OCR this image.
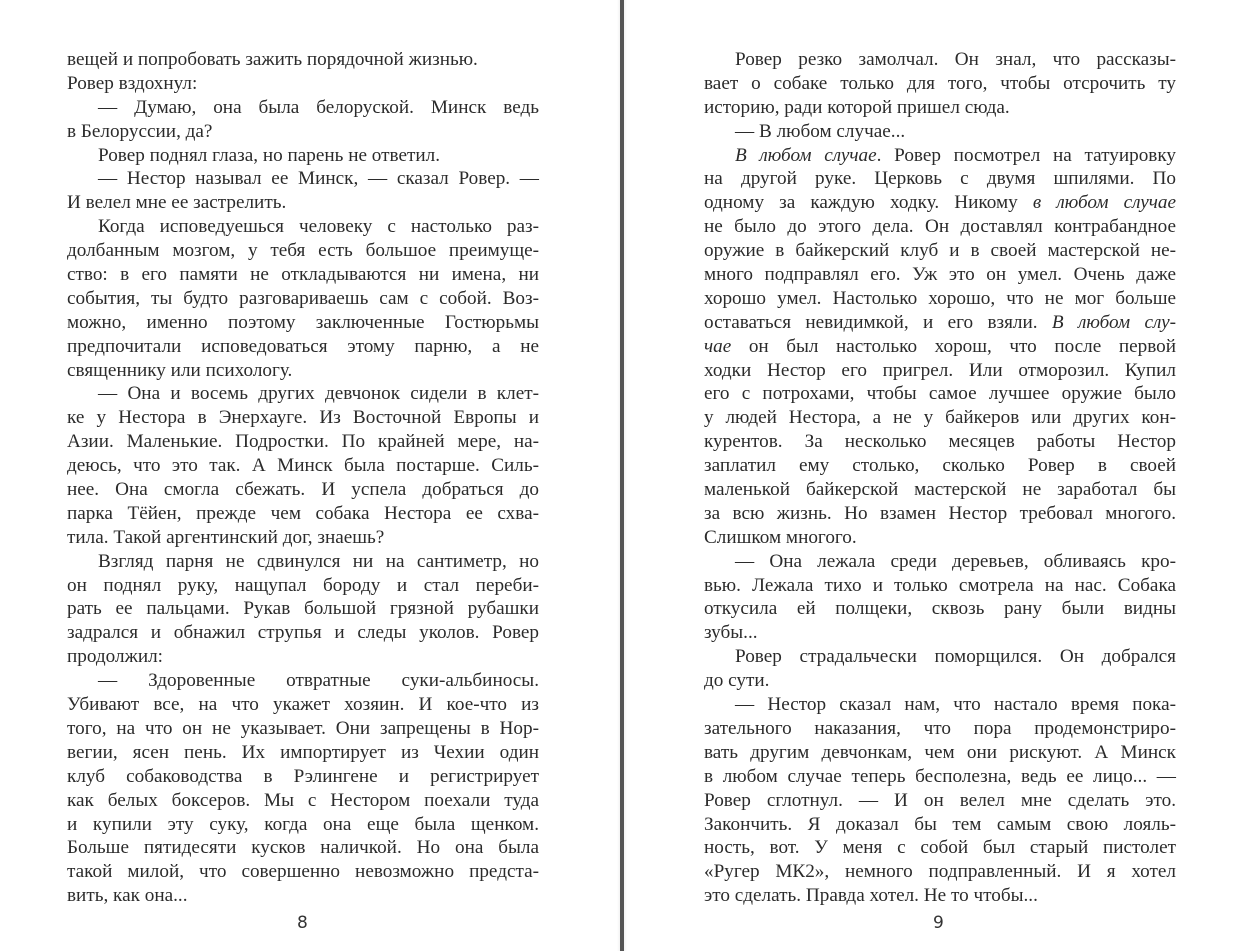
вещей и попробовать зажить порядочной жизнью.
Ровер вздохнул:
— Думаю, она была белоруской. Минск ведь
в Белоруссии, да?
Ровер поднял глаза, но парень не ответил.
— Нестор называл ее Минск, — сказал Ровер. —
И велел мне ее застрелить.
Когда исповедуешься человеку с настолько раз-
долбанным мозгом, у тебя есть большое преимуще-
ство: в его памяти не откладываются ни имена, ни
события, ты будто разговариваешь сам с собой. Воз-
можно, именно поэтому заключенные Гостюрьмы
предпочитали исповедоваться этому парню, а не
священнику или психологу.
— Она и восемь других девчонок сидели в клет-
ке у Нестора в Энерхауге. Из Восточной Европы и
Азии. Маленькие. Подростки. По крайней мере, на-
деюсь, что это так. А Минск была постарше. Силь-
нее. Она смогла сбежать. И успела добраться до
парка Тёйен, прежде чем собака Нестора ее схва-
тила. Такой аргентинский дог, знаешь?
Взгляд парня не сдвинулся ни на сантиметр, но
он поднял руку, нащупал бороду и стал переби-
рать ее пальцами. Рукав большой грязной рубашки
задрался и обнажил струпья и следы уколов. Ровер
продолжил:
— Здоровенные отвратные суки-альбиносы.
Убивают все, на что укажет хозяин. И кое-что из
того, на что он не указывает. Они запрещены в Нор-
вегии, ясен пень. Их импортирует из Чехии один
клуб собаководства в Рэлингене и регистрирует
как белых боксеров. Мы с Нестором поехали туда
и купили эту суку, когда она еще была щенком.
Больше пятидесяти кусков наличкой. Но она была
такой милой, что совершенно невозможно предста-
вить, как она...
8
Ровер резко замолчал. Он знал, что рассказы-
вает о собаке только для того, чтобы отсрочить ту
историю, ради которой пришел сюда.
— В любом случае...
В любом случае. Ровер посмотрел на татуировку
на другой руке. Церковь с двумя шпилями. По
одному за каждую ходку. Никому в любом случае
не было до этого дела. Он доставлял контрабандное
оружие в байкерский клуб и в своей мастерской не-
много подправлял его. Уж это он умел. Очень даже
хорошо умел. Настолько хорошо, что не мог больше
оставаться невидимкой, и его взяли. В любом слу-
чае он был настолько хорош, что после первой
ходки Нестор его пригрел. Или отморозил. Купил
его с потрохами, чтобы самое лучшее оружие было
у людей Нестора, а не у байкеров или других кон-
курентов. За несколько месяцев работы Нестор
заплатил ему столько, сколько Ровер в своей
маленькой байкерской мастерской не заработал бы
за всю жизнь. Но взамен Нестор требовал многого.
Слишком многого.
— Она лежала среди деревьев, обливаясь кро-
вью. Лежала тихо и только смотрела на нас. Собака
откусила ей полщеки, сквозь рану были видны
зубы...
Ровер страдальчески поморщился. Он добрался
до сути.
— Нестор сказал нам, что настало время пока-
зательного наказания, что пора продемонстриро-
вать другим девчонкам, чем они рискуют. А Минск
в любом случае теперь бесполезна, ведь ее лицо... —
Ровер сглотнул. — И он велел мне сделать это.
Закончить. Я доказал бы тем самым свою лояль-
ность, вот. У меня с собой был старый пистолет
«Ругер МК2», немного подправленный. И я хотел
это сделать. Правда хотел. Не то чтобы...
9
